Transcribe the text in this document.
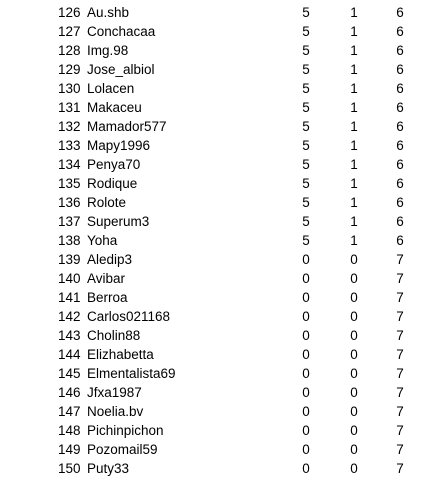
126 Au.shb	5	1	6
127 Conchacaa	5	1	6
128 Img.98	5	1	6
129 Jose_albiol	5	1	6
130 Lolacen	5	1	6
131 Makaceu	5	1	6
132 Mamador577	5	1	6
133 Mapy1996	5	1	6
134 Penya70	5	1	6
135 Rodique	5	1	6
136 Rolote	5	1	6
137 Superum3	5	1	6
138 Yoha	5	1	6
139 Aledip3	0	0	7
140 Avibar	0	0	7
141 Berroa	0	0	7
142 Carlos021168	0	0	7
143 Cholin88	0	0	7
144 Elizhabetta	0	0	7
145 Elmentalista69	0	0	7
146 Jfxa1987	0	0	7
147 Noelia.bv	0	0	7
148 Pichinpichon	0	0	7
149 Pozomail59	0	0	7
150 Puty33	0	0	7
